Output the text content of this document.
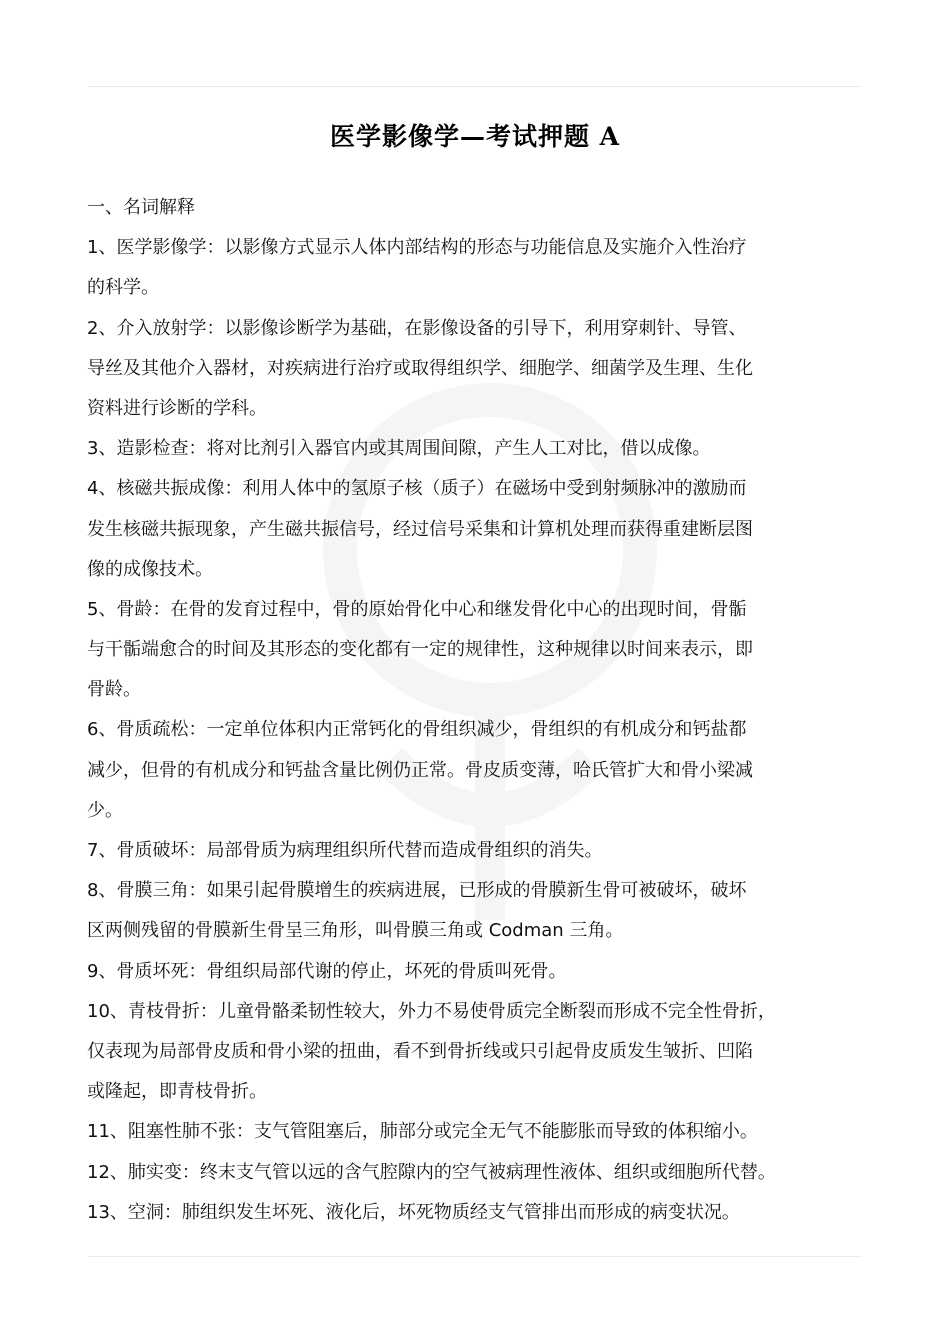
医学影像学—考试押题 A

一、名词解释

1、医学影像学：以影像方式显示人体内部结构的形态与功能信息及实施介入性治疗
的科学。
2、介入放射学：以影像诊断学为基础，在影像设备的引导下，利用穿刺针、导管、
导丝及其他介入器材，对疾病进行治疗或取得组织学、细胞学、细菌学及生理、生化
资料进行诊断的学科。
3、造影检查：将对比剂引入器官内或其周围间隙，产生人工对比，借以成像。
4、核磁共振成像：利用人体中的氢原子核（质子）在磁场中受到射频脉冲的激励而
发生核磁共振现象，产生磁共振信号，经过信号采集和计算机处理而获得重建断层图
像的成像技术。
5、骨龄：在骨的发育过程中，骨的原始骨化中心和继发骨化中心的出现时间，骨骺
与干骺端愈合的时间及其形态的变化都有一定的规律性，这种规律以时间来表示，即
骨龄。
6、骨质疏松：一定单位体积内正常钙化的骨组织减少，骨组织的有机成分和钙盐都
减少，但骨的有机成分和钙盐含量比例仍正常。骨皮质变薄，哈氏管扩大和骨小梁减
少。
7、骨质破坏：局部骨质为病理组织所代替而造成骨组织的消失。
8、骨膜三角：如果引起骨膜增生的疾病进展，已形成的骨膜新生骨可被破坏，破坏
区两侧残留的骨膜新生骨呈三角形，叫骨膜三角或 Codman 三角。
9、骨质坏死：骨组织局部代谢的停止，坏死的骨质叫死骨。
10、青枝骨折：儿童骨骼柔韧性较大，外力不易使骨质完全断裂而形成不完全性骨折，
仅表现为局部骨皮质和骨小梁的扭曲，看不到骨折线或只引起骨皮质发生皱折、凹陷
或隆起，即青枝骨折。
11、阻塞性肺不张：支气管阻塞后，肺部分或完全无气不能膨胀而导致的体积缩小。
12、肺实变：终末支气管以远的含气腔隙内的空气被病理性液体、组织或细胞所代替。
13、空洞：肺组织发生坏死、液化后，坏死物质经支气管排出而形成的病变状况。
